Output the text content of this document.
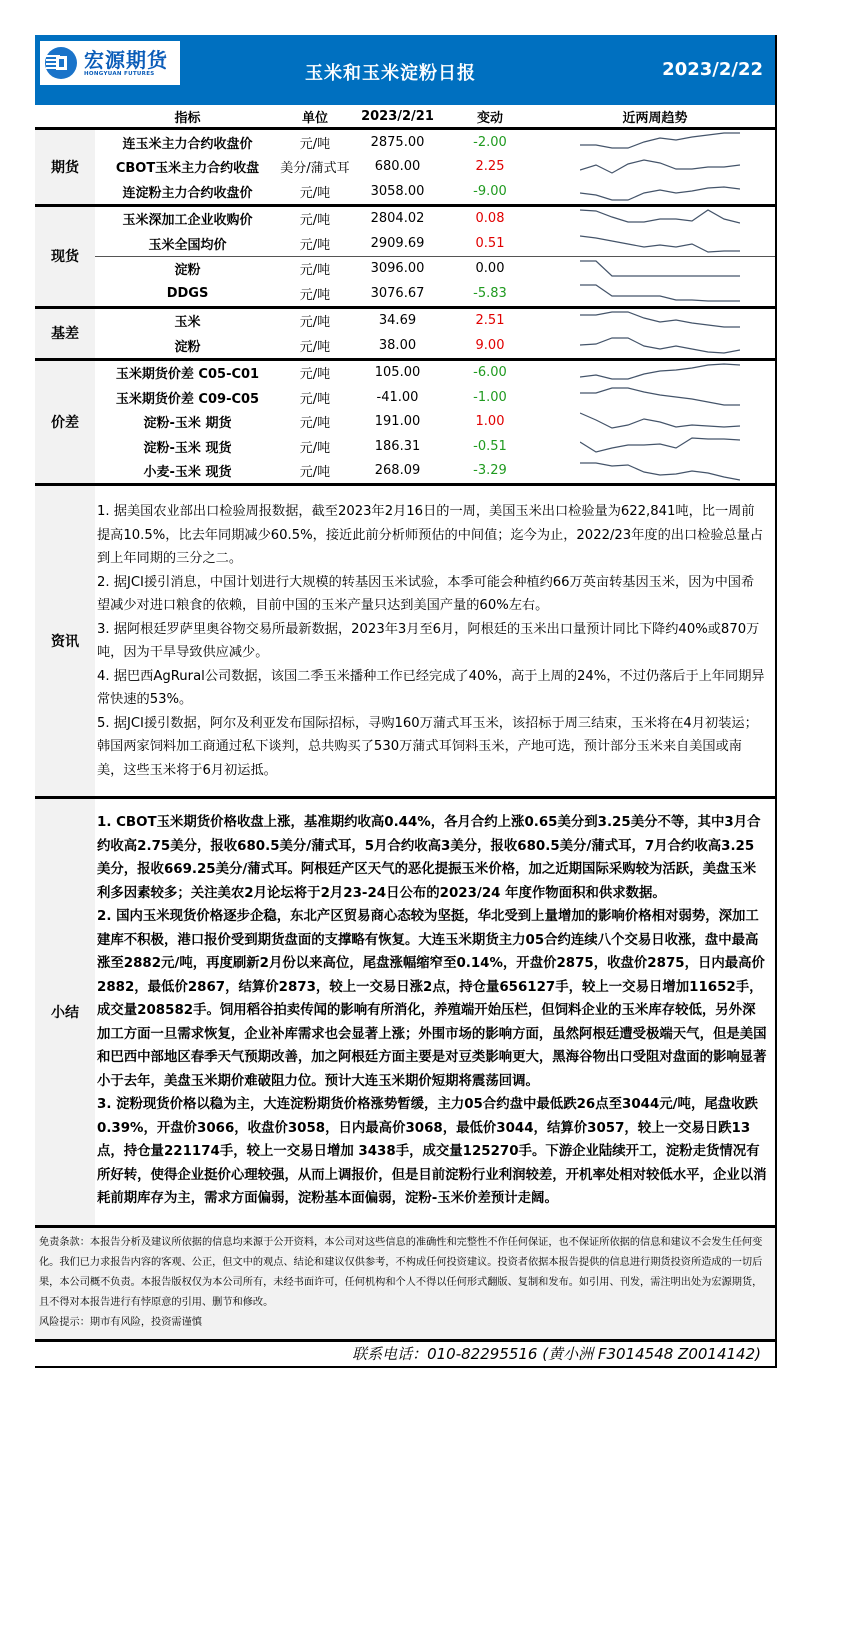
宏源期货
HONGYUAN FUTURES	玉米和玉米淀粉日报	2023/2/22
指标	单位	2023/2/21	变动	近两周趋势
期货
连玉米主力合约收盘价	元/吨	2875.00	-2.00
CBOT玉米主力合约收盘	美分/蒲式耳	680.00	2.25
连淀粉主力合约收盘价	元/吨	3058.00	-9.00
现货
玉米深加工企业收购价	元/吨	2804.02	0.08
玉米全国均价	元/吨	2909.69	0.51
淀粉	元/吨	3096.00	0.00
DDGS	元/吨	3076.67	-5.83
基差
玉米	元/吨	34.69	2.51
淀粉	元/吨	38.00	9.00
价差
玉米期货价差 C05-C01	元/吨	105.00	-6.00
玉米期货价差 C09-C05	元/吨	-41.00	-1.00
淀粉-玉米 期货	元/吨	191.00	1.00
淀粉-玉米 现货	元/吨	186.31	-0.51
小麦-玉米 现货	元/吨	268.09	-3.29
资讯

1. 据美国农业部出口检验周报数据，截至2023年2月16日的一周，美国玉米出口检验量为622,841吨，比一周前提高10.5%，比去年同期减少60.5%，接近此前分析师预估的中间值；迄今为止，2022/23年度的出口检验总量占到上年同期的三分之二。

2. 据JCI援引消息，中国计划进行大规模的转基因玉米试验，本季可能会种植约66万英亩转基因玉米，因为中国希望减少对进口粮食的依赖，目前中国的玉米产量只达到美国产量的60%左右。

3. 据阿根廷罗萨里奥谷物交易所最新数据，2023年3月至6月，阿根廷的玉米出口量预计同比下降约40%或870万吨，因为干旱导致供应减少。

4. 据巴西AgRural公司数据，该国二季玉米播种工作已经完成了40%，高于上周的24%，不过仍落后于上年同期异常快速的53%。

5. 据JCI援引数据，阿尔及利亚发布国际招标，寻购160万蒲式耳玉米，该招标于周三结束，玉米将在4月初装运；韩国两家饲料加工商通过私下谈判，总共购买了530万蒲式耳饲料玉米，产地可选，预计部分玉米来自美国或南美，这些玉米将于6月初运抵。

小结

1. CBOT玉米期货价格收盘上涨，基准期约收高0.44%，各月合约上涨0.65美分到3.25美分不等，其中3月合约收高2.75美分，报收680.5美分/蒲式耳，5月合约收高3美分，报收680.5美分/蒲式耳，7月合约收高3.25美分，报收669.25美分/蒲式耳。阿根廷产区天气的恶化提振玉米价格，加之近期国际采购较为活跃，美盘玉米利多因素较多；关注美农2月论坛将于2月23-24日公布的2023/24 年度作物面积和供求数据。

2. 国内玉米现货价格逐步企稳，东北产区贸易商心态较为坚挺，华北受到上量增加的影响价格相对弱势，深加工建库不积极，港口报价受到期货盘面的支撑略有恢复。大连玉米期货主力05合约连续八个交易日收涨，盘中最高涨至2882元/吨，再度刷新2月份以来高位，尾盘涨幅缩窄至0.14%，开盘价2875，收盘价2875，日内最高价2882，最低价2867，结算价2873，较上一交易日涨2点，持仓量656127手，较上一交易日增加11652手，成交量208582手。饲用稻谷拍卖传闻的影响有所消化，养殖端开始压栏，但饲料企业的玉米库存较低，另外深加工方面一旦需求恢复，企业补库需求也会显著上涨；外围市场的影响方面，虽然阿根廷遭受极端天气，但是美国和巴西中部地区春季天气预期改善，加之阿根廷方面主要是对豆类影响更大，黑海谷物出口受阻对盘面的影响显著小于去年，美盘玉米期价难破阻力位。预计大连玉米期价短期将震荡回调。

3. 淀粉现货价格以稳为主，大连淀粉期货价格涨势暂缓，主力05合约盘中最低跌26点至3044元/吨，尾盘收跌0.39%，开盘价3066，收盘价3058，日内最高价3068，最低价3044，结算价3057，较上一交易日跌13点，持仓量221174手，较上一交易日增加 3438手，成交量125270手。下游企业陆续开工，淀粉走货情况有所好转，使得企业挺价心理较强，从而上调报价，但是目前淀粉行业利润较差，开机率处相对较低水平，企业以消耗前期库存为主，需求方面偏弱，淀粉基本面偏弱，淀粉-玉米价差预计走阔。

免责条款：本报告分析及建议所依据的信息均来源于公开资料，本公司对这些信息的准确性和完整性不作任何保证，也不保证所依据的信息和建议不会发生任何变化。我们已力求报告内容的客观、公正，但文中的观点、结论和建议仅供参考，不构成任何投资建议。投资者依据本报告提供的信息进行期货投资所造成的一切后果，本公司概不负责。本报告版权仅为本公司所有，未经书面许可，任何机构和个人不得以任何形式翻版、复制和发布。如引用、刊发，需注明出处为宏源期货，且不得对本报告进行有悖原意的引用、删节和修改。

风险提示：期市有风险，投资需谨慎

联系电话：010-82295516 (黄小洲 F3014548 Z0014142)
